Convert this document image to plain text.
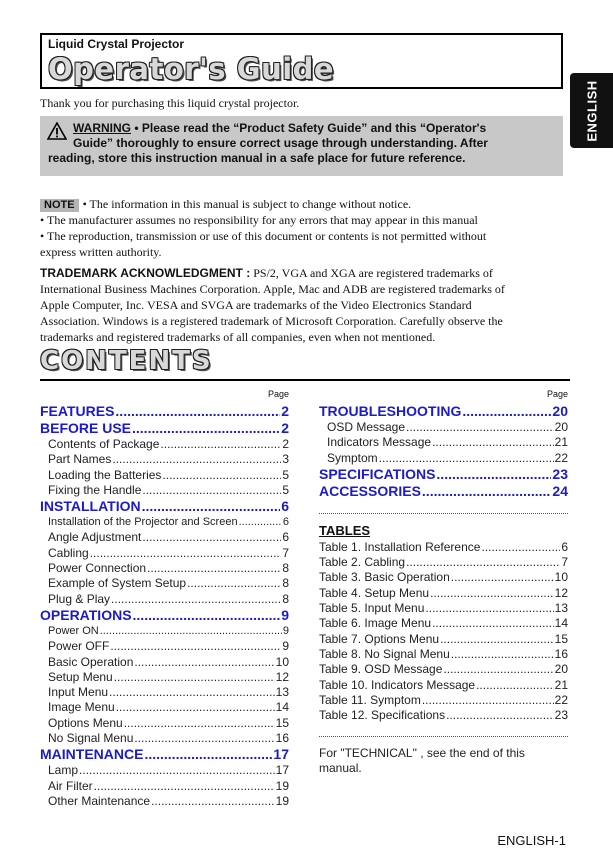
Liquid Crystal Projector
Operator's Guide
ENGLISH
Thank you for purchasing this liquid crystal projector.
WARNING • Please read the “Product Safety Guide” and this “Operator's
Guide” thoroughly to ensure correct usage through understanding. After
reading, store this instruction manual in a safe place for future reference.

NOTE • The information in this manual is subject to change without notice.

• The manufacturer assumes no responsibility for any errors that may appear in this manual

• The reproduction, transmission or use of this document or contents is not permitted without

express written authority.

TRADEMARK ACKNOWLEDGMENT : PS/2, VGA and XGA are registered trademarks of

International Business Machines Corporation. Apple, Mac and ADB are registered trademarks of

Apple Computer, Inc. VESA and SVGA are trademarks of the Video Electronics Standard

Association. Windows is a registered trademark of Microsoft Corporation. Carefully observe the

trademarks and registered trademarks of all companies, even when not mentioned.

CONTENTS
Page
FEATURES .....	2
BEFORE USE .....	2
Contents of Package .....	2
Part Names .....	3
Loading the Batteries .....	5
Fixing the Handle .....	5
INSTALLATION .....	6
Installation of the Projector and Screen .....	6
Angle Adjustment .....	6
Cabling .....	7
Power Connection .....	8
Example of System Setup .....	8
Plug & Play .....	8
OPERATIONS .....	9
Power ON .....	9
Power OFF .....	9
Basic Operation .....	10
Setup Menu .....	12
Input Menu .....	13
Image Menu .....	14
Options Menu .....	15
No Signal Menu .....	16
MAINTENANCE .....	17
Lamp .....	17
Air Filter .....	19
Other Maintenance .....	19
Page
TROUBLESHOOTING .....	20
OSD Message .....	20
Indicators Message .....	21
Symptom .....	22
SPECIFICATIONS .....	23
ACCESSORIES .....	24
TABLES
Table 1. Installation Reference .....	6
Table 2. Cabling .....	7
Table 3. Basic Operation .....	10
Table 4. Setup Menu .....	12
Table 5. Input Menu .....	13
Table 6. Image Menu .....	14
Table 7. Options Menu .....	15
Table 8. No Signal Menu .....	16
Table 9. OSD Message .....	20
Table 10. Indicators Message .....	21
Table 11. Symptom .....	22
Table 12. Specifications .....	23
For "TECHNICAL" , see the end of this manual.
ENGLISH-1
